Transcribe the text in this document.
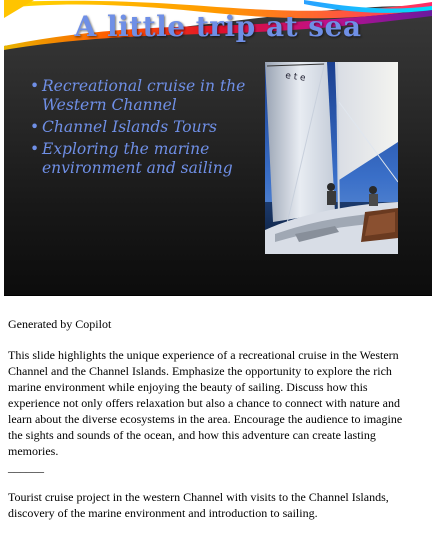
A little trip at sea
• Recreational cruise in the Western Channel
• Channel Islands Tours
• Exploring the marine environment and sailing
e t e

Generated by Copilot

This slide highlights the unique experience of a recreational cruise in the Western Channel and the Channel Islands. Emphasize the opportunity to explore the rich marine environment while enjoying the beauty of sailing. Discuss how this experience not only offers relaxation but also a chance to connect with nature and learn about the diverse ecosystems in the area. Encourage the audience to imagine the sights and sounds of the ocean, and how this adventure can create lasting memories.

______

Tourist cruise project in the western Channel with visits to the Channel Islands, discovery of the marine environment and introduction to sailing.
